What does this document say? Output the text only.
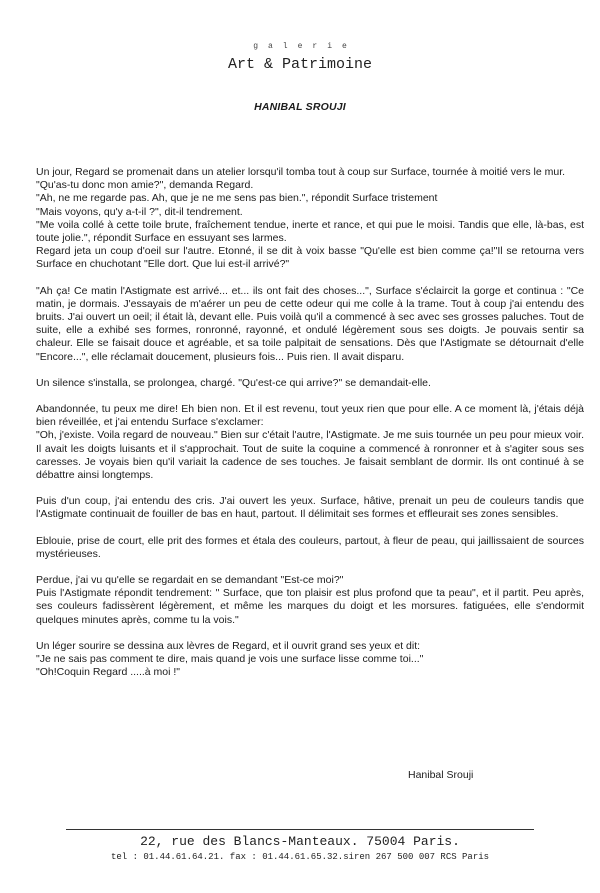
galerie
Art & Patrimoine
HANIBAL SROUJI

Un jour, Regard se promenait dans un atelier lorsqu'il tomba tout à coup sur Surface, tournée à moitié vers le mur.
"Qu'as-tu donc mon amie?", demanda Regard.
"Ah, ne me regarde pas. Ah, que je ne me sens pas bien.", répondit Surface tristement
"Mais voyons, qu'y a-t-il ?", dit-il tendrement.
"Me voila collé à cette toile brute, fraîchement tendue, inerte et rance, et qui pue le moisi. Tandis que elle, là-bas, est toute jolie.", répondit Surface en essuyant ses larmes.
Regard jeta un coup d'oeil sur l'autre. Etonné, il se dit à voix basse "Qu'elle est bien comme ça!"Il se retourna vers Surface en chuchotant "Elle dort. Que lui est-il arrivé?"

"Ah ça! Ce matin l'Astigmate est arrivé... et... ils ont fait des choses...", Surface s'éclaircit la gorge et continua : "Ce matin, je dormais. J'essayais de m'aérer un peu de cette odeur qui me colle à la trame. Tout à coup j'ai entendu des bruits. J'ai ouvert un oeil; il était là, devant elle. Puis voilà qu'il a commencé à sec avec ses grosses paluches. Tout de suite, elle a exhibé ses formes, ronronné, rayonné, et ondulé légèrement sous ses doigts. Je pouvais sentir sa chaleur. Elle se faisait douce et agréable, et sa toile palpitait de sensations. Dès que l'Astigmate se détournait d'elle "Encore...", elle réclamait doucement, plusieurs fois... Puis rien. Il avait disparu.

Un silence s'installa, se prolongea, chargé. "Qu'est-ce qui arrive?" se demandait-elle.

Abandonnée, tu peux me dire! Eh bien non. Et il est revenu, tout yeux rien que pour elle. A ce moment là, j'étais déjà bien réveillée, et j'ai entendu Surface s'exclamer:
"Oh, j'existe. Voila regard de nouveau." Bien sur c'était l'autre, l'Astigmate. Je me suis tournée un peu pour mieux voir. Il avait les doigts luisants et il s'approchait. Tout de suite la coquine a commencé à ronronner et à s'agiter sous ses caresses. Je voyais bien qu'il variait la cadence de ses touches. Je faisait semblant de dormir. Ils ont continué à se débattre ainsi longtemps.

Puis d'un coup, j'ai entendu des cris. J'ai ouvert les yeux. Surface, hâtive, prenait un peu de couleurs tandis que l'Astigmate continuait de fouiller de bas en haut, partout. Il délimitait ses formes et effleurait ses zones sensibles.

Eblouie, prise de court, elle prit des formes et étala des couleurs, partout, à fleur de peau, qui jaillissaient de sources mystérieuses.

Perdue, j'ai vu qu'elle se regardait en se demandant "Est-ce moi?"
Puis l'Astigmate répondit tendrement: " Surface, que ton plaisir est plus profond que ta peau", et il partit. Peu après, ses couleurs fadissèrent légèrement, et même les marques du doigt et les morsures. fatiguées, elle s'endormit quelques minutes après, comme tu la vois."

Un léger sourire se dessina aux lèvres de Regard, et il ouvrit grand ses yeux et dit:
"Je ne sais pas comment te dire, mais quand je vois une surface lisse comme toi..."
"Oh!Coquin Regard .....à moi !"

Hanibal Srouji
22, rue des Blancs-Manteaux. 75004 Paris.
tel : 01.44.61.64.21. fax : 01.44.61.65.32.siren 267 500 007 RCS Paris
